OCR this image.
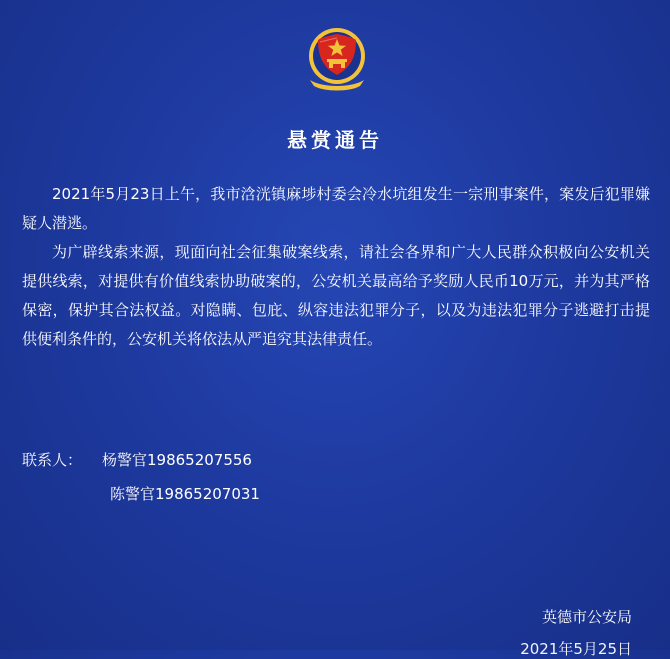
悬赏通告

2021年5月23日上午，我市浛洸镇麻埗村委会冷水坑组发生一宗刑事案件，案发后犯罪嫌疑人潜逃。

为广辟线索来源，现面向社会征集破案线索，请社会各界和广大人民群众积极向公安机关提供线索，对提供有价值线索协助破案的，公安机关最高给予奖励人民币10万元，并为其严格保密，保护其合法权益。对隐瞒、包庇、纵容违法犯罪分子，以及为违法犯罪分子逃避打击提供便利条件的，公安机关将依法从严追究其法律责任。

联系人：	杨警官19865207556
陈警官19865207031
英德市公安局
2021年5月25日
